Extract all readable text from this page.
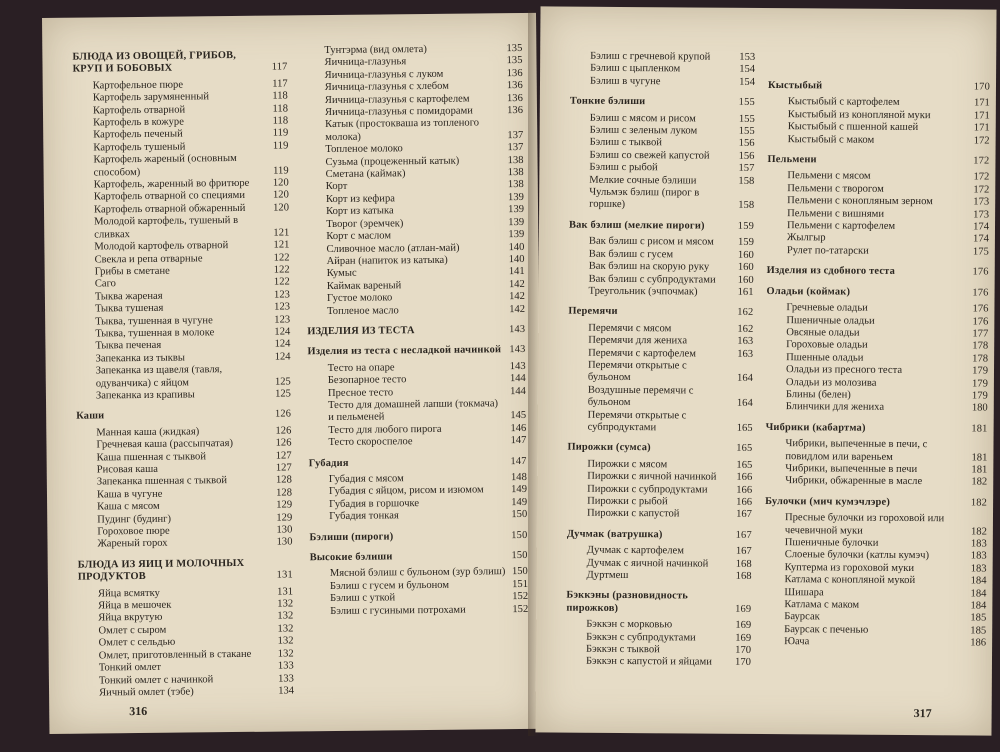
БЛЮДА ИЗ ОВОЩЕЙ, ГРИБОВ, КРУП И БОБОВЫХ	117
Картофельное пюре	117
Картофель зарумяненный	118
Картофель отварной	118
Картофель в кожуре	118
Картофель печеный	119
Картофель тушеный	119
Картофель жареный (основным способом)	119
Картофель, жаренный во фритюре	120
Картофель отварной со специями	120
Картофель отварной обжаренный	120
Молодой картофель, тушеный в сливках	121
Молодой картофель отварной	121
Свекла и репа отварные	122
Грибы в сметане	122
Саго	122
Тыква жареная	123
Тыква тушеная	123
Тыква, тушенная в чугуне	123
Тыква, тушенная в молоке	124
Тыква печеная	124
Запеканка из тыквы	124
Запеканка из щавеля (тавля, одуванчика) с яйцом	125
Запеканка из крапивы	125
Каши	126
Манная каша (жидкая)	126
Гречневая каша (рассыпчатая)	126
Каша пшенная с тыквой	127
Рисовая каша	127
Запеканка пшенная с тыквой	128
Каша в чугуне	128
Каша с мясом	129
Пудинг (будинг)	129
Гороховое пюре	130
Жареный горох	130
БЛЮДА ИЗ ЯИЦ И МОЛОЧНЫХ ПРОДУКТОВ	131
Яйца всмятку	131
Яйца в мешочек	132
Яйца вкрутую	132
Омлет с сыром	132
Омлет с сельдью	132
Омлет, приготовленный в стакане	132
Тонкий омлет	133
Тонкий омлет с начинкой	133
Яичный омлет (тэбе)	134
Тунтэрма (вид омлета)	135
Яичница-глазунья	135
Яичница-глазунья с луком	136
Яичница-глазунья с хлебом	136
Яичница-глазунья с картофелем	136
Яичница-глазунья с помидорами	136
Катык (простокваша из топленого молока)	137
Топленое молоко	137
Сузьма (процеженный катык)	138
Сметана (каймак)	138
Корт	138
Корт из кефира	139
Корт из катыка	139
Творог (эремчек)	139
Корт с маслом	139
Сливочное масло (атлан-май)	140
Айран (напиток из катыка)	140
Кумыс	141
Каймак вареный	142
Густое молоко	142
Топленое масло	142
ИЗДЕЛИЯ ИЗ ТЕСТА	143
Изделия из теста с несладкой начинкой 143
Тесто на опаре	143
Безопарное тесто	144
Пресное тесто	144
Тесто для домашней лапши (токмача) и пельменей	145
Тесто для любого пирога	146
Тесто скороспелое	147
Губадия	147
Губадия с мясом	148
Губадия с яйцом, рисом и изюмом	149
Губадия в горшочке	149
Губадия тонкая	150
Бэлиши (пироги)	150
Высокие бэлиши	150
Мясной бэлиш с бульоном (зур бэлиш) 150
Бэлиш с гусем и бульоном	151
Бэлиш с уткой	152
Бэлиш с гусиными потрохами	152
316
Бэлиш с гречневой крупой	153
Бэлиш с цыпленком	154
Бэлиш в чугуне	154
Тонкие бэлиши	155
Бэлиш с мясом и рисом	155
Бэлиш с зеленым луком	155
Бэлиш с тыквой	156
Бэлиш со свежей капустой	156
Бэлиш с рыбой	157
Мелкие сочные бэлиши	158
Чульмэк бэлиш (пирог в горшке)	158
Вак бэлиш (мелкие пироги)	159
Вак бэлиш с рисом и мясом	159
Вак бэлиш с гусем	160
Вак бэлиш на скорую руку	160
Вак бэлиш с субпродуктами	160
Треугольник (эчпочмак)	161
Перемячи	162
Перемячи с мясом	162
Перемячи для жениха	163
Перемячи с картофелем	163
Перемячи открытые с бульоном	164
Воздушные перемячи с бульоном	164
Перемячи открытые с субпродуктами	165
Пирожки (сумса)	165
Пирожки с мясом	165
Пирожки с яичной начинкой	166
Пирожки с субпродуктами	166
Пирожки с рыбой	166
Пирожки с капустой	167
Дучмак (ватрушка)	167
Дучмак с картофелем	167
Дучмак с яичной начинкой	168
Дуртмеш	168
Бэккэны (разновидность пирожков)	169
Бэккэн с морковью	169
Бэккэн с субпродуктами	169
Бэккэн с тыквой	170
Бэккэн с капустой и яйцами	170
Кыстыбый	170
Кыстыбый с картофелем	171
Кыстыбый из конопляной муки	171
Кыстыбый с пшенной кашей	171
Кыстыбый с маком	172
Пельмени	172
Пельмени с мясом	172
Пельмени с творогом	172
Пельмени с конопляным зерном	173
Пельмени с вишнями	173
Пельмени с картофелем	174
Жылгыр	174
Рулет по-татарски	175
Изделия из сдобного теста	176
Оладьи (коймак)	176
Гречневые оладьи	176
Пшеничные оладьи	176
Овсяные оладьи	177
Гороховые оладьи	178
Пшенные оладьи	178
Оладьи из пресного теста	179
Оладьи из молозива	179
Блины (белен)	179
Блинчики для жениха	180
Чибрики (кабартма)	181
Чибрики, выпеченные в печи, с повидлом или вареньем	181
Чибрики, выпеченные в печи	181
Чибрики, обжаренные в масле	182
Булочки (мич кумэчлэре)	182
Пресные булочки из гороховой или чечевичной муки	182
Пшеничные булочки	183
Слоеные булочки (катлы кумэч)	183
Куптерма из гороховой муки	183
Катлама с конопляной мукой	184
Шишара	184
Катлама с маком	184
Баурсак	185
Баурсак с печенью	185
Юача	186
317
